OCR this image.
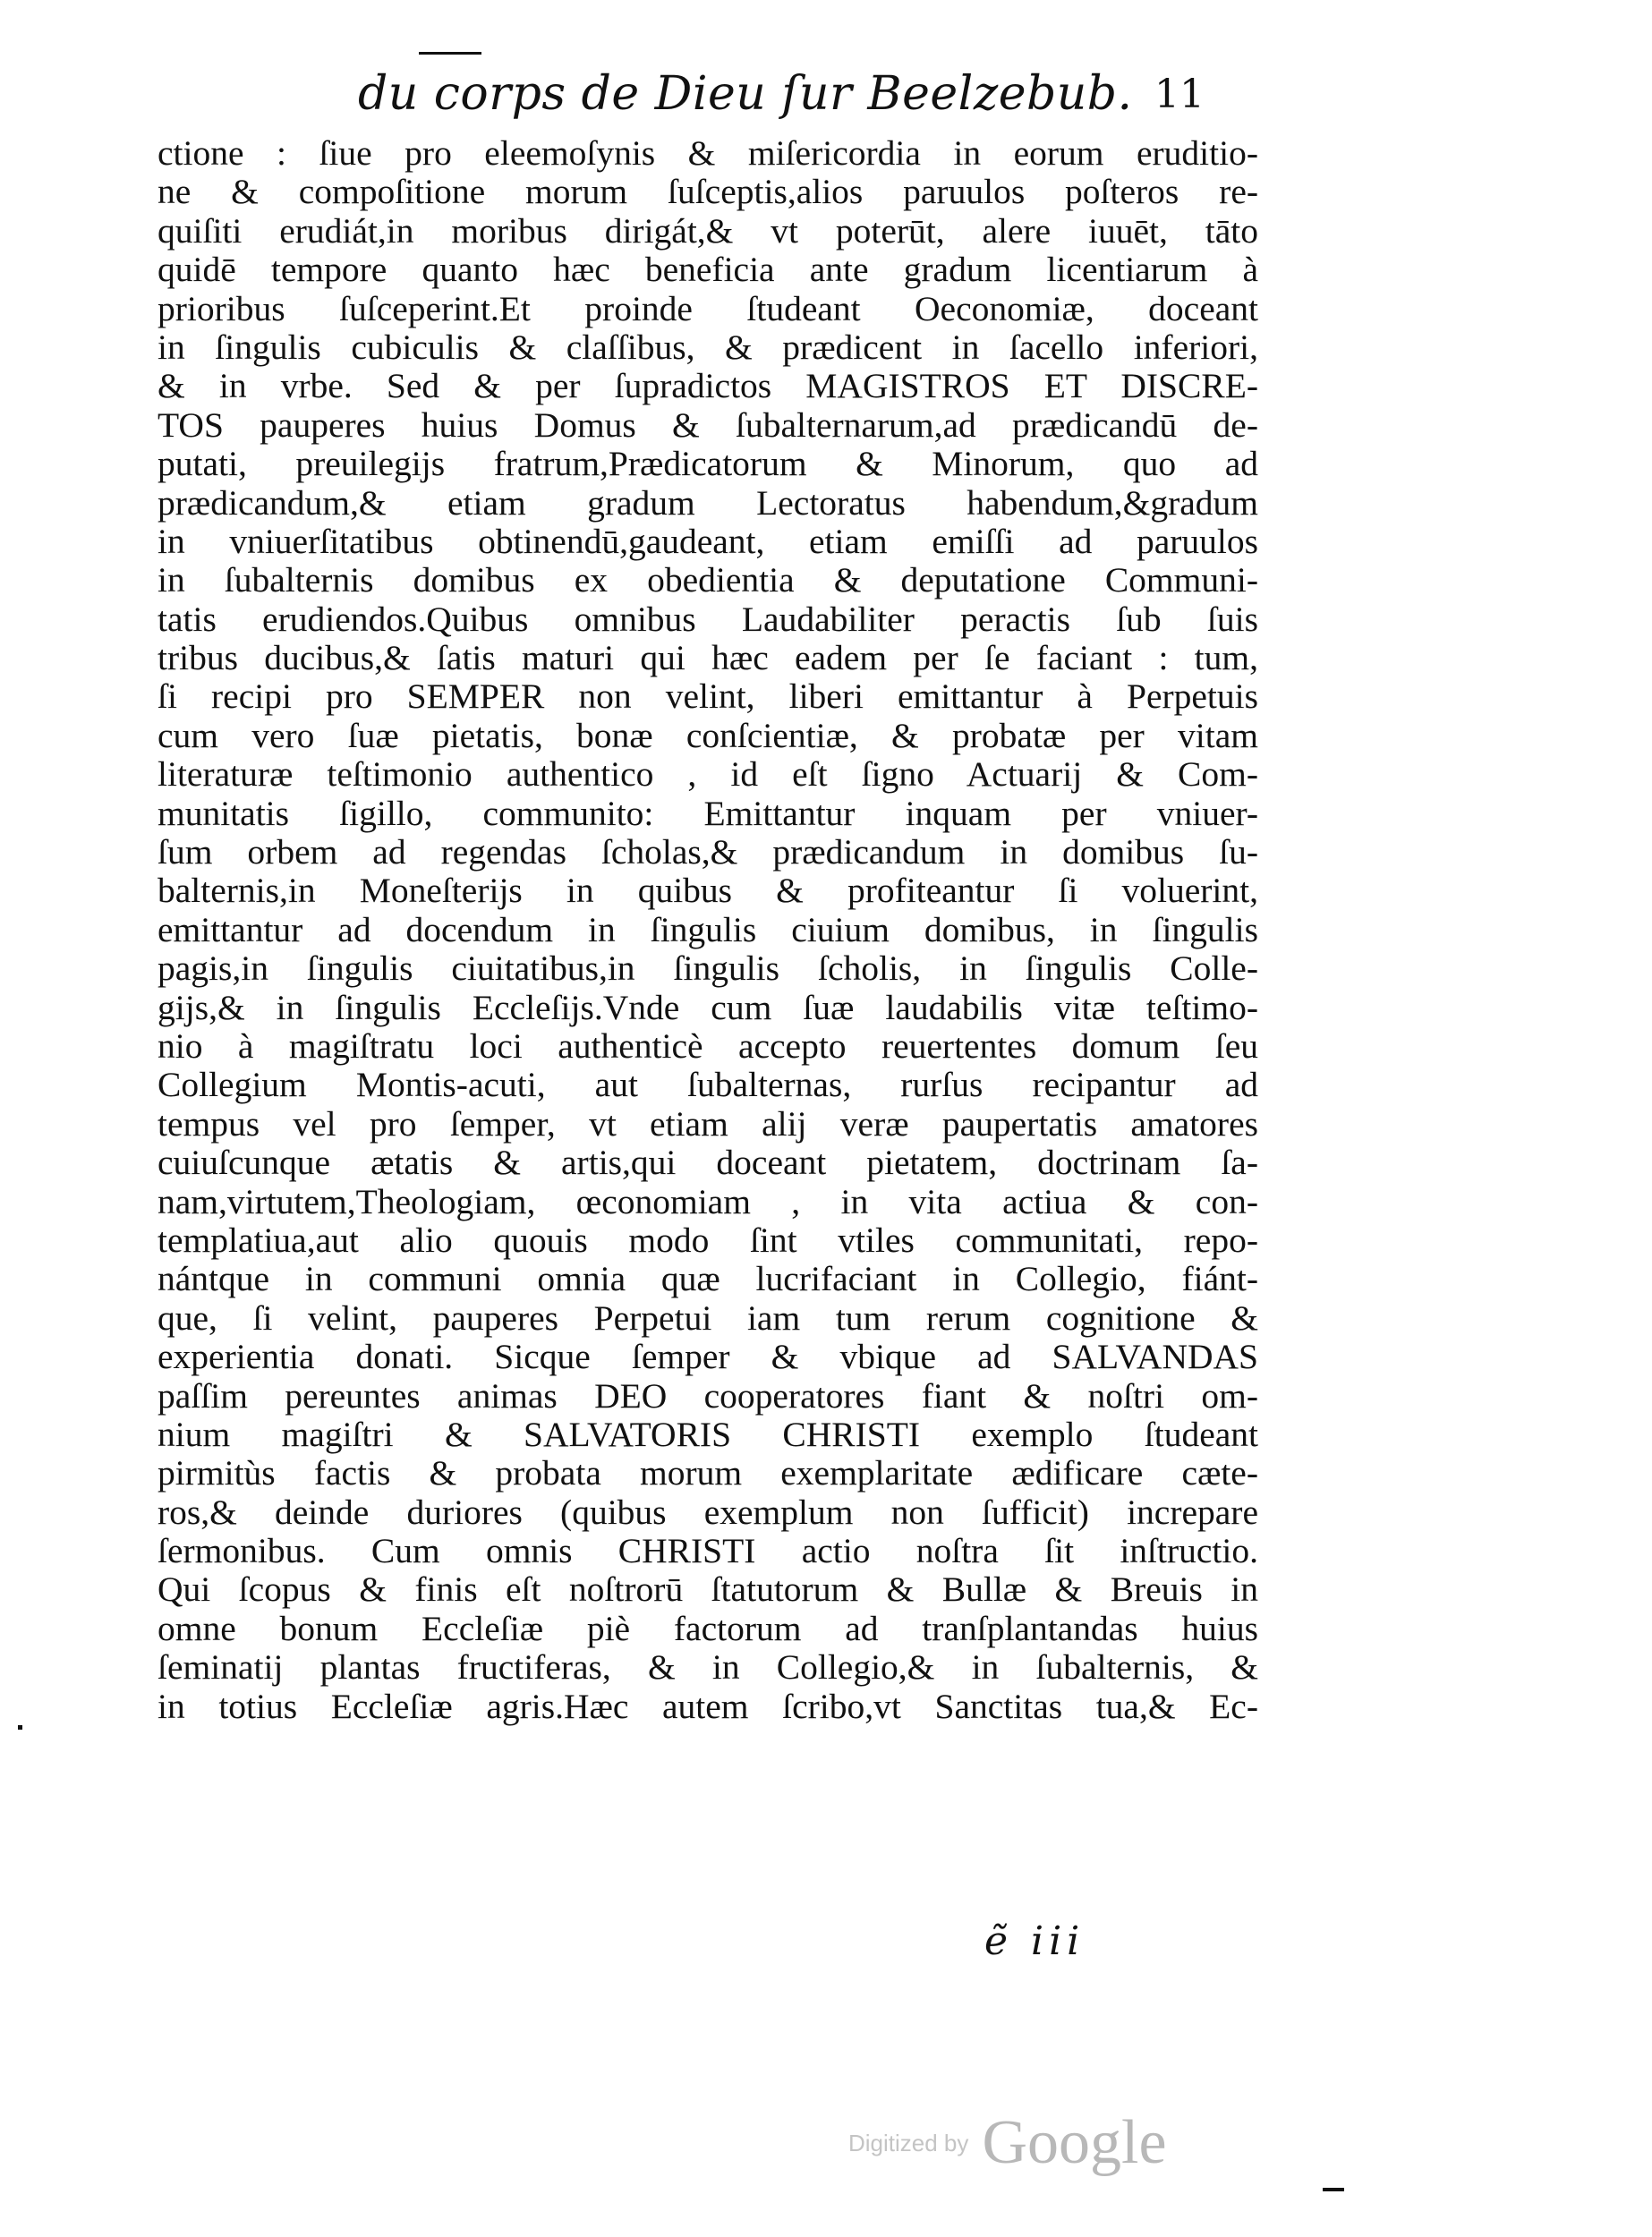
du corps de Dieu ſur Beelzebub. 11
ctione : ſiue pro eleemoſynis & miſericordia in eorum eruditio-
ne & compoſitione morum ſuſceptis,alios paruulos poſteros re-
quiſiti erudiát,in moribus dirigát,& vt poterūt, alere iuuēt, tāto
quidē tempore quanto hæc beneficia ante gradum licentiarum à
prioribus ſuſceperint.Et proinde ſtudeant Oeconomiæ, doceant
in ſingulis cubiculis & claſſibus, & prædicent in ſacello inferiori,
& in vrbe. Sed & per ſupradictos MAGISTROS ET DISCRE-
TOS pauperes huius Domus & ſubalternarum,ad prædicandū de-
putati, preuilegijs fratrum,Prædicatorum & Minorum, quo ad
prædicandum,& etiam gradum Lectoratus habendum,&gradum
in vniuerſitatibus obtinendū,gaudeant, etiam emiſſi ad paruulos
in ſubalternis domibus ex obedientia & deputatione Communi-
tatis erudiendos.Quibus omnibus Laudabiliter peractis ſub ſuis
tribus ducibus,& ſatis maturi qui hæc eadem per ſe faciant : tum,
ſi recipi pro SEMPER non velint, liberi emittantur à Perpetuis
cum vero ſuæ pietatis, bonæ conſcientiæ, & probatæ per vitam
literaturæ teſtimonio authentico , id eſt ſigno Actuarij & Com-
munitatis ſigillo, communito: Emittantur inquam per vniuer-
ſum orbem ad regendas ſcholas,& prædicandum in domibus ſu-
balternis,in Moneſterijs in quibus & profiteantur ſi voluerint,
emittantur ad docendum in ſingulis ciuium domibus, in ſingulis
pagis,in ſingulis ciuitatibus,in ſingulis ſcholis, in ſingulis Colle-
gijs,& in ſingulis Eccleſijs.Vnde cum ſuæ laudabilis vitæ teſtimo-
nio à magiſtratu loci authenticè accepto reuertentes domum ſeu
Collegium Montis-acuti, aut ſubalternas, rurſus recipantur ad
tempus vel pro ſemper, vt etiam alij veræ paupertatis amatores
cuiuſcunque ætatis & artis,qui doceant pietatem, doctrinam ſa-
nam,virtutem,Theologiam, œconomiam , in vita actiua & con-
templatiua,aut alio quouis modo ſint vtiles communitati, repo-
nántque in communi omnia quæ lucrifaciant in Collegio, fiánt-
que, ſi velint, pauperes Perpetui iam tum rerum cognitione &
experientia donati. Sicque ſemper & vbique ad SALVANDAS
paſſim pereuntes animas DEO cooperatores fiant & noſtri om-
nium magiſtri & SALVATORIS CHRISTI exemplo ſtudeant
pirmitùs factis & probata morum exemplaritate ædificare cæte-
ros,& deinde duriores (quibus exemplum non ſufficit) increpare
ſermonibus. Cum omnis CHRISTI actio noſtra ſit inſtructio.
Qui ſcopus & finis eſt noſtrorū ſtatutorum & Bullæ & Breuis in
omne bonum Eccleſiæ piè factorum ad tranſplantandas huius
ſeminatij plantas fructiferas, & in Collegio,& in ſubalternis, &
in totius Eccleſiæ agris.Hæc autem ſcribo,vt Sanctitas tua,& Ec-
ẽ iii
Digitized by Google
